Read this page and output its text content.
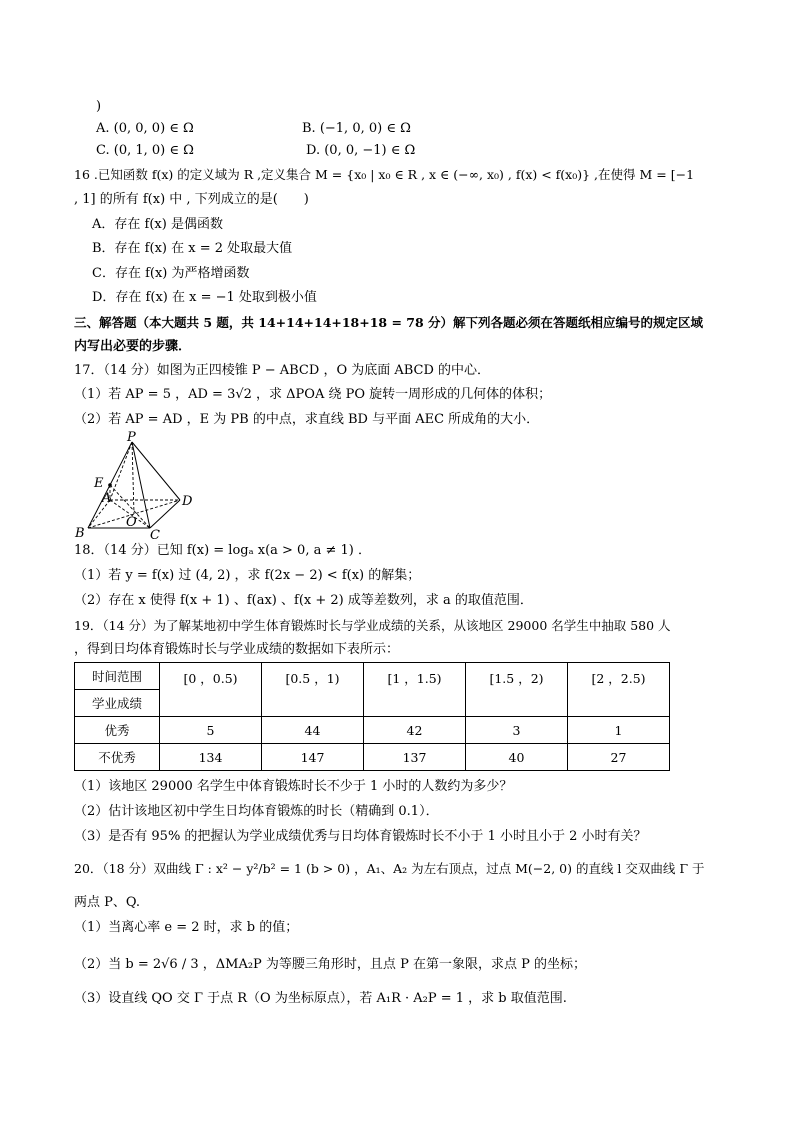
)
A. (0, 0, 0) ∈ Ω	B. (−1, 0, 0) ∈ Ω
C. (0, 1, 0) ∈ Ω	D. (0, 0, −1) ∈ Ω
16 .已知函数 f(x) 的定义域为 R ,定义集合 M = {x₀ | x₀ ∈ R , x ∈ (−∞, x₀) , f(x) < f(x₀)} ,在使得 M = [−1
, 1] 的所有 f(x) 中 , 下列成立的是(　　)
A．存在 f(x) 是偶函数
B．存在 f(x) 在 x = 2 处取最大值
C．存在 f(x) 为严格增函数
D．存在 f(x) 在 x = −1 处取到极小值
三、解答题（本大题共 5 题，共 14+14+14+18+18 = 78 分）解下列各题必须在答题纸相应编号的规定区域
内写出必要的步骤．
17．（14 分）如图为正四棱锥 P − ABCD ，O 为底面 ABCD 的中心．
（1）若 AP = 5 ，AD = 3√2 ，求 ΔPOA 绕 PO 旋转一周形成的几何体的体积；
（2）若 AP = AD ，E 为 PB 的中点，求直线 BD 与平面 AEC 所成角的大小．
P
E
A	D
B
O
C
18．（14 分）已知 f(x) = logₐ x(a > 0, a ≠ 1) ．
（1）若 y = f(x) 过 (4, 2) ，求 f(2x − 2) < f(x) 的解集；
（2）存在 x 使得 f(x + 1) 、f(ax) 、f(x + 2) 成等差数列，求 a 的取值范围．
19．（14 分）为了解某地初中学生体育锻炼时长与学业成绩的关系，从该地区 29000 名学生中抽取 580 人
，得到日均体育锻炼时长与学业成绩的数据如下表所示：
时间范围	[0 ，0.5)	[0.5 ，1)	[1 ，1.5)	[1.5 ，2)	[2 ，2.5)
学业成绩					
优秀	5	44	42	3	1
不优秀	134	147	137	40	27
（1）该地区 29000 名学生中体育锻炼时长不少于 1 小时的人数约为多少？
（2）估计该地区初中学生日均体育锻炼的时长（精确到 0.1）．
（3）是否有 95% 的把握认为学业成绩优秀与日均体育锻炼时长不小于 1 小时且小于 2 小时有关？
20．（18 分）双曲线 Γ : x² − y²/b² = 1 (b > 0) ，A₁、A₂ 为左右顶点，过点 M(−2, 0) 的直线 l 交双曲线 Γ 于
两点 P、Q.
（1）当离心率 e = 2 时，求 b 的值；
（2）当 b = 2√6 / 3 ，ΔMA₂P 为等腰三角形时，且点 P 在第一象限，求点 P 的坐标；
（3）设直线 QO 交 Γ 于点 R（O 为坐标原点），若 A₁R · A₂P = 1 ，求 b 取值范围.
